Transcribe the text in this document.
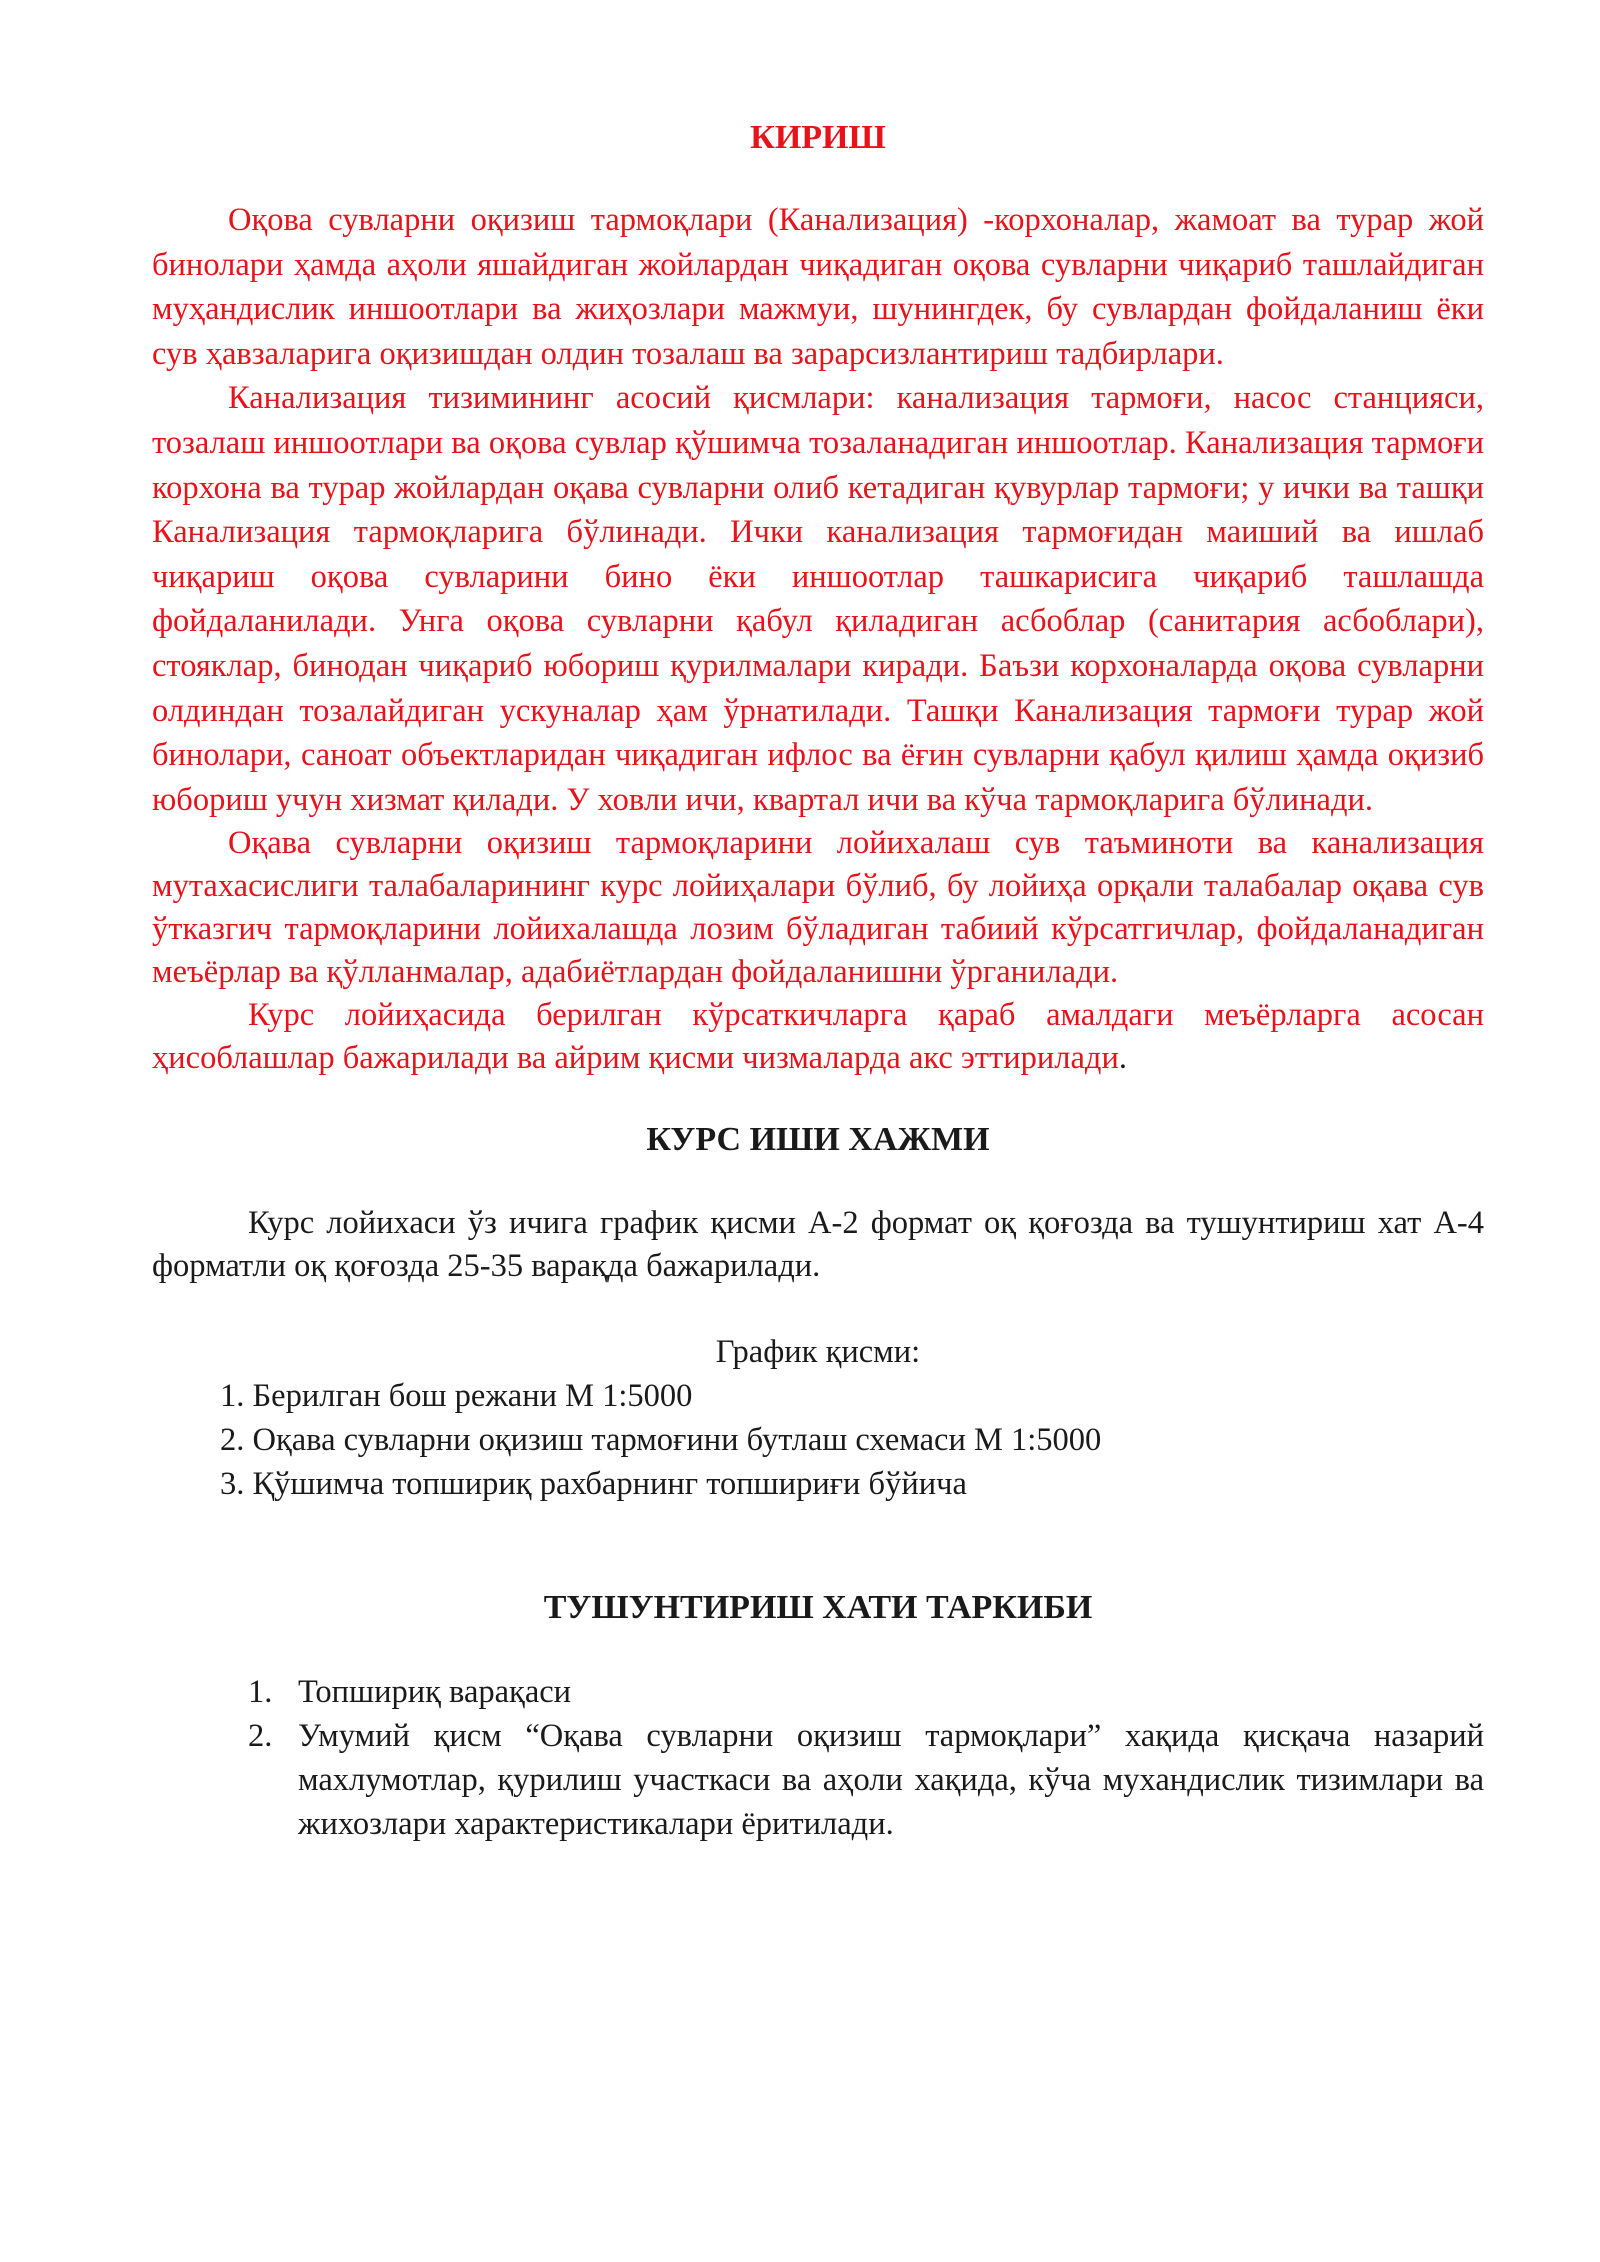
КИРИШ

Оқова сувларни оқизиш тармоқлари (Канализация) -корхоналар, жамоат ва турар жой бинолари ҳамда аҳоли яшайдиган жойлардан чиқадиган оқова сувларни чиқариб ташлайдиган муҳандислик иншоотлари ва жиҳозлари мажмуи, шунингдек, бу сувлардан фойдаланиш ёки сув ҳавзаларига оқизишдан олдин тозалаш ва зарарсизлантириш тадбирлари.

Канализация тизимининг асосий қисмлари: канализация тармоғи, насос станцияси, тозалаш иншоотлари ва оқова сувлар қўшимча тозаланадиган иншоотлар. Канализация тармоғи корхона ва турар жойлардан оқава сувларни олиб кетадиган қувурлар тармоғи; у ички ва ташқи Канализация тармоқларига бўлинади. Ички канализация тармоғидан маиший ва ишлаб чиқариш оқова сувларини бино ёки иншоотлар ташкарисига чиқариб ташлашда фойдаланилади. Унга оқова сувларни қабул қиладиган асбоблар (санитария асбоблари), стояклар, бинодан чиқариб юбориш қурилмалари киради. Баъзи корхоналарда оқова сувларни олдиндан тозалайдиган ускуналар ҳам ўрнатилади. Ташқи Канализация тармоғи турар жой бинолари, саноат объектларидан чиқадиган ифлос ва ёғин сувларни қабул қилиш ҳамда оқизиб юбориш учун хизмат қилади. У ховли ичи, квартал ичи ва кўча тармоқларига бўлинади.

Оқава сувларни оқизиш тармоқларини лойихалаш сув таъминоти ва канализация мутахасислиги талабаларининг курс лойиҳалари бўлиб, бу лойиҳа орқали талабалар оқава сув ўтказгич тармоқларини лойихалашда лозим бўладиган табиий кўрсатгичлар, фойдаланадиган меъёрлар ва қўлланмалар, адабиётлардан фойдаланишни ўрганилади.

Курс лойиҳасида берилган кўрсаткичларга қараб амалдаги меъёрларга асосан ҳисоблашлар бажарилади ва айрим қисми чизмаларда акс эттирилади.

КУРС ИШИ ХАЖМИ

Курс лойихаси ўз ичига график қисми А-2 формат оқ қоғозда ва тушунтириш хат А-4 форматли оқ қоғозда 25-35 варақда бажарилади.

График қисми:

1. Берилган бош режани М 1:5000
2. Оқава сувларни оқизиш тармоғини бутлаш схемаси М 1:5000
3. Қўшимча топшириқ рахбарнинг топшириғи бўйича
ТУШУНТИРИШ ХАТИ ТАРКИБИ
1. Топшириқ варақаси
2. Умумий қисм “Оқава сувларни оқизиш тармоқлари” хақида қисқача назарий махлумотлар, қурилиш участкаси ва аҳоли хақида, кўча мухандислик тизимлари ва жихозлари характеристикалари ёритилади.
